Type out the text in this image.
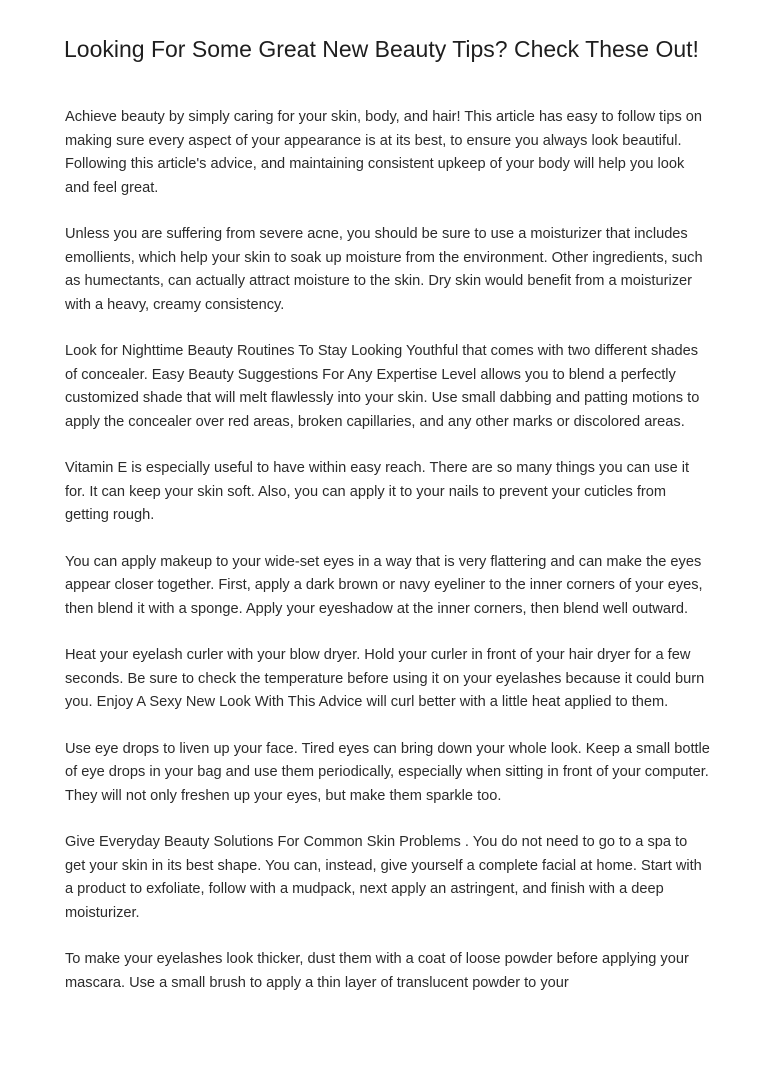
Looking For Some Great New Beauty Tips? Check These Out!

Achieve beauty by simply caring for your skin, body, and hair! This article has easy to follow tips on making sure every aspect of your appearance is at its best, to ensure you always look beautiful. Following this article's advice, and maintaining consistent upkeep of your body will help you look and feel great.

Unless you are suffering from severe acne, you should be sure to use a moisturizer that includes emollients, which help your skin to soak up moisture from the environment. Other ingredients, such as humectants, can actually attract moisture to the skin. Dry skin would benefit from a moisturizer with a heavy, creamy consistency.

Look for Nighttime Beauty Routines To Stay Looking Youthful that comes with two different shades of concealer. Easy Beauty Suggestions For Any Expertise Level allows you to blend a perfectly customized shade that will melt flawlessly into your skin. Use small dabbing and patting motions to apply the concealer over red areas, broken capillaries, and any other marks or discolored areas.

Vitamin E is especially useful to have within easy reach. There are so many things you can use it for. It can keep your skin soft. Also, you can apply it to your nails to prevent your cuticles from getting rough.

You can apply makeup to your wide-set eyes in a way that is very flattering and can make the eyes appear closer together. First, apply a dark brown or navy eyeliner to the inner corners of your eyes, then blend it with a sponge. Apply your eyeshadow at the inner corners, then blend well outward.

Heat your eyelash curler with your blow dryer. Hold your curler in front of your hair dryer for a few seconds. Be sure to check the temperature before using it on your eyelashes because it could burn you. Enjoy A Sexy New Look With This Advice will curl better with a little heat applied to them.

Use eye drops to liven up your face. Tired eyes can bring down your whole look. Keep a small bottle of eye drops in your bag and use them periodically, especially when sitting in front of your computer. They will not only freshen up your eyes, but make them sparkle too.

Give Everyday Beauty Solutions For Common Skin Problems . You do not need to go to a spa to get your skin in its best shape. You can, instead, give yourself a complete facial at home. Start with a product to exfoliate, follow with a mudpack, next apply an astringent, and finish with a deep moisturizer.

To make your eyelashes look thicker, dust them with a coat of loose powder before applying your mascara. Use a small brush to apply a thin layer of translucent powder to your
